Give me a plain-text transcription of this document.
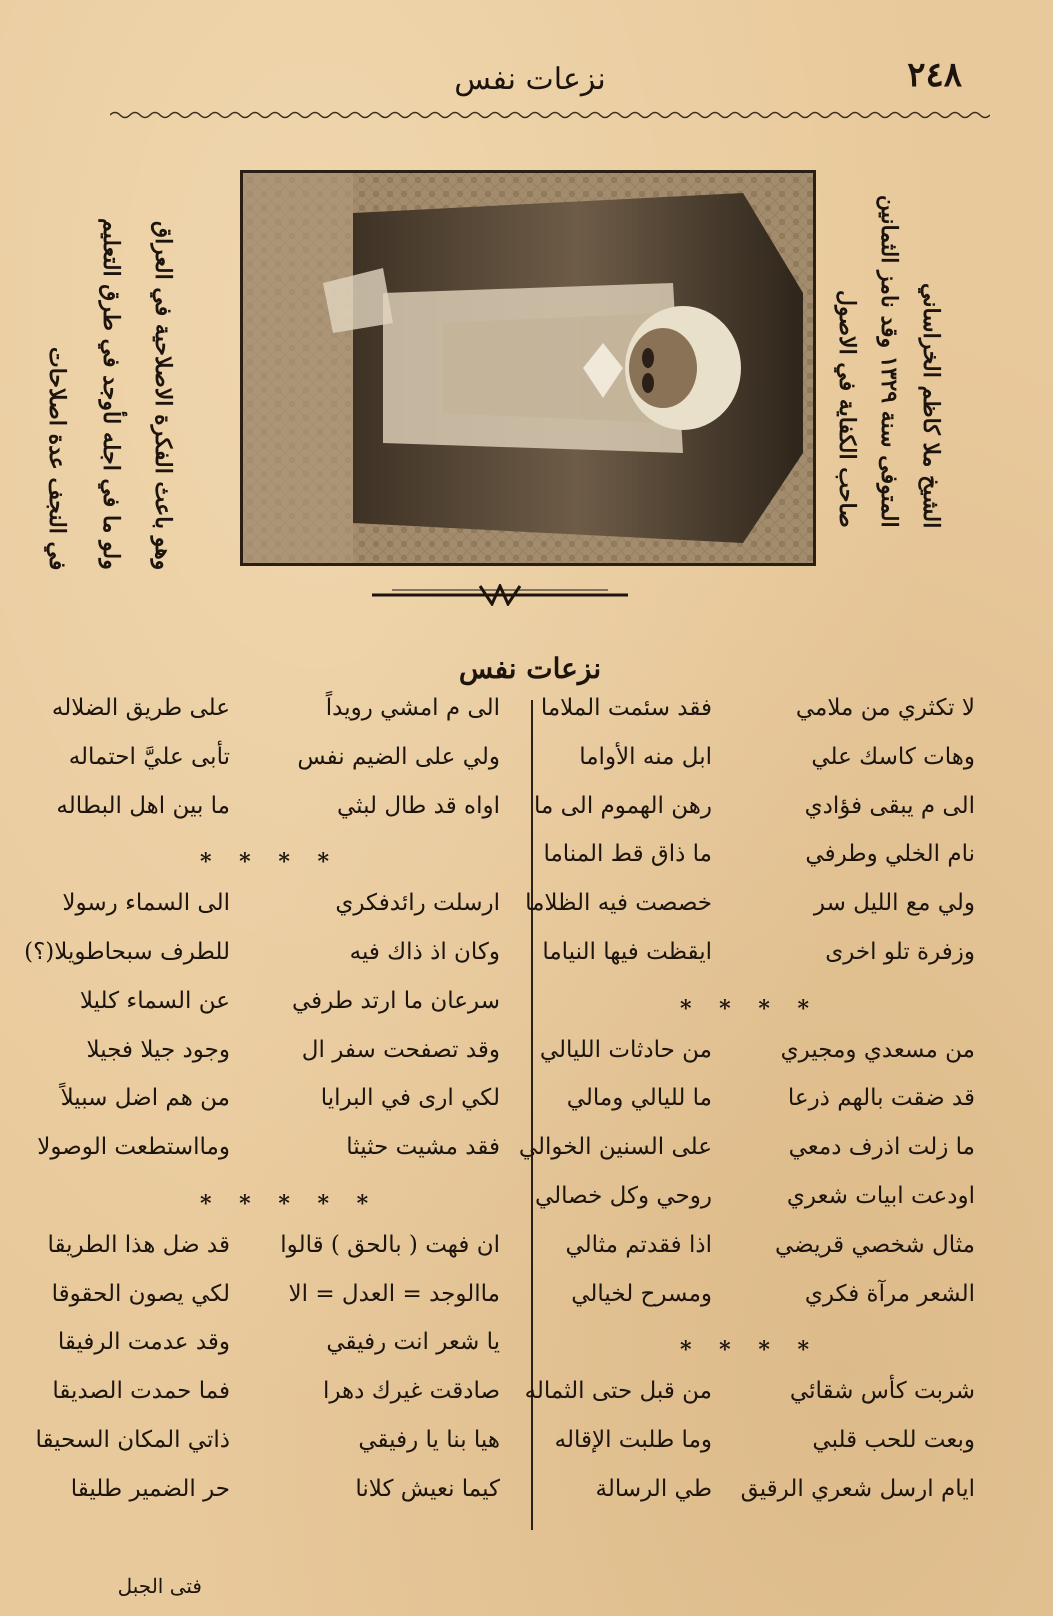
٢٤٨
نزعات نفس
الشيخ ملا كاظم الخراساني
المتوفى سنة ١٣٢٩ وقد نامز الثمانين
صاحب الكفاية في الاصول
وهو باعث الفكرة الاصلاحية في العراق
ولو ما في اجله لأوجد في طرق التعليم
في النجف عدة اصلاحات
نزعات نفس
لا تكثري من ملامي
فقد سئمت الملاما
وهات كاسك علي
ابل منه الأواما
الى م يبقى فؤادي
رهن الهموم الى ما
نام الخلي وطرفي
ما ذاق قط المناما
ولي مع الليل سر
خصصت فيه الظلاما
وزفرة تلو اخرى
ايقظت فيها النياما
* * * *
من مسعدي ومجيري
من حادثات الليالي
قد ضقت بالهم ذرعا
ما لليالي ومالي
ما زلت اذرف دمعي
على السنين الخوالي
اودعت ابيات شعري
روحي وكل خصالي
مثال شخصي قريضي
اذا فقدتم مثالي
الشعر مرآة فكري
ومسرح لخيالي
* * * *
شربت كأس شقائي
من قبل حتى الثماله
وبعت للحب قلبي
وما طلبت الإقاله
ايام ارسل شعري الرقيق
طي الرسالة
الى م امشي رويداً
على طريق الضلاله
ولي على الضيم نفس
تأبى عليَّ احتماله
اواه قد طال لبثي
ما بين اهل البطاله
* * * *
ارسلت رائدفكري
الى السماء رسولا
وكان اذ ذاك فيه
للطرف سبحاطويلا(؟)
سرعان ما ارتد طرفي
عن السماء كليلا
وقد تصفحت سفر ال
وجود جيلا فجيلا
لكي ارى في البرايا
من هم اضل سبيلاً
فقد مشيت حثيثا
ومااستطعت الوصولا
* * * * *
ان فهت ( بالحق ) قالوا
قد ضل هذا الطريقا
ماالوجد = العدل = الا
لكي يصون الحقوقا
يا شعر انت رفيقي
وقد عدمت الرفيقا
صادقت غيرك دهرا
فما حمدت الصديقا
هيا بنا يا رفيقي
ذاتي المكان السحيقا
كيما نعيش كلانا
حر الضمير طليقا
فتى الجبل
